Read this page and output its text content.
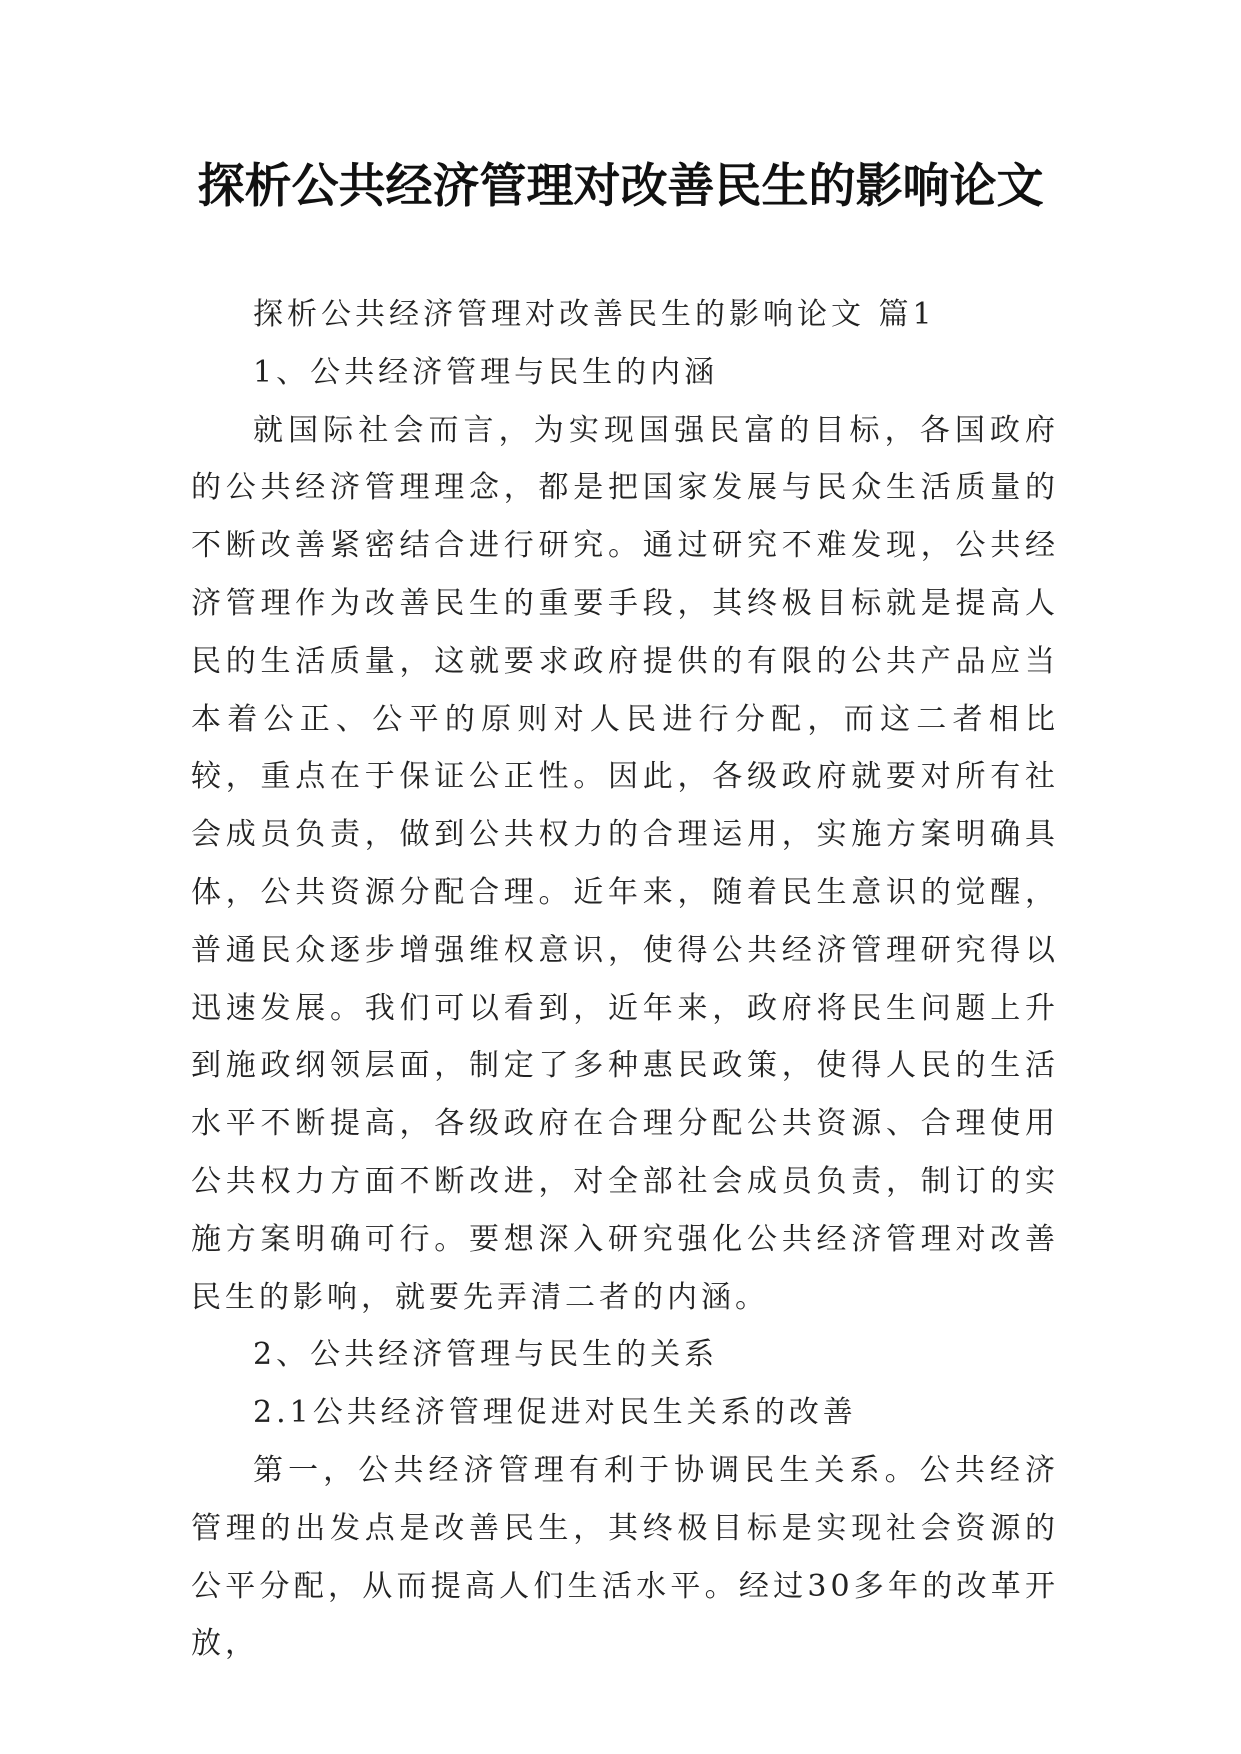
探析公共经济管理对改善民生的影响论文

探析公共经济管理对改善民生的影响论文 篇1

1、公共经济管理与民生的内涵

就国际社会而言，为实现国强民富的目标，各国政府的公共经济管理理念，都是把国家发展与民众生活质量的不断改善紧密结合进行研究。通过研究不难发现，公共经济管理作为改善民生的重要手段，其终极目标就是提高人民的生活质量，这就要求政府提供的有限的公共产品应当本着公正、公平的原则对人民进行分配，而这二者相比较，重点在于保证公正性。因此，各级政府就要对所有社会成员负责，做到公共权力的合理运用，实施方案明确具体，公共资源分配合理。近年来，随着民生意识的觉醒，普通民众逐步增强维权意识，使得公共经济管理研究得以迅速发展。我们可以看到，近年来，政府将民生问题上升到施政纲领层面，制定了多种惠民政策，使得人民的生活水平不断提高，各级政府在合理分配公共资源、合理使用公共权力方面不断改进，对全部社会成员负责，制订的实施方案明确可行。要想深入研究强化公共经济管理对改善民生的影响，就要先弄清二者的内涵。

2、公共经济管理与民生的关系

2.1公共经济管理促进对民生关系的改善

第一，公共经济管理有利于协调民生关系。公共经济管理的出发点是改善民生，其终极目标是实现社会资源的公平分配，从而提高人们生活水平。经过30多年的改革开放，
